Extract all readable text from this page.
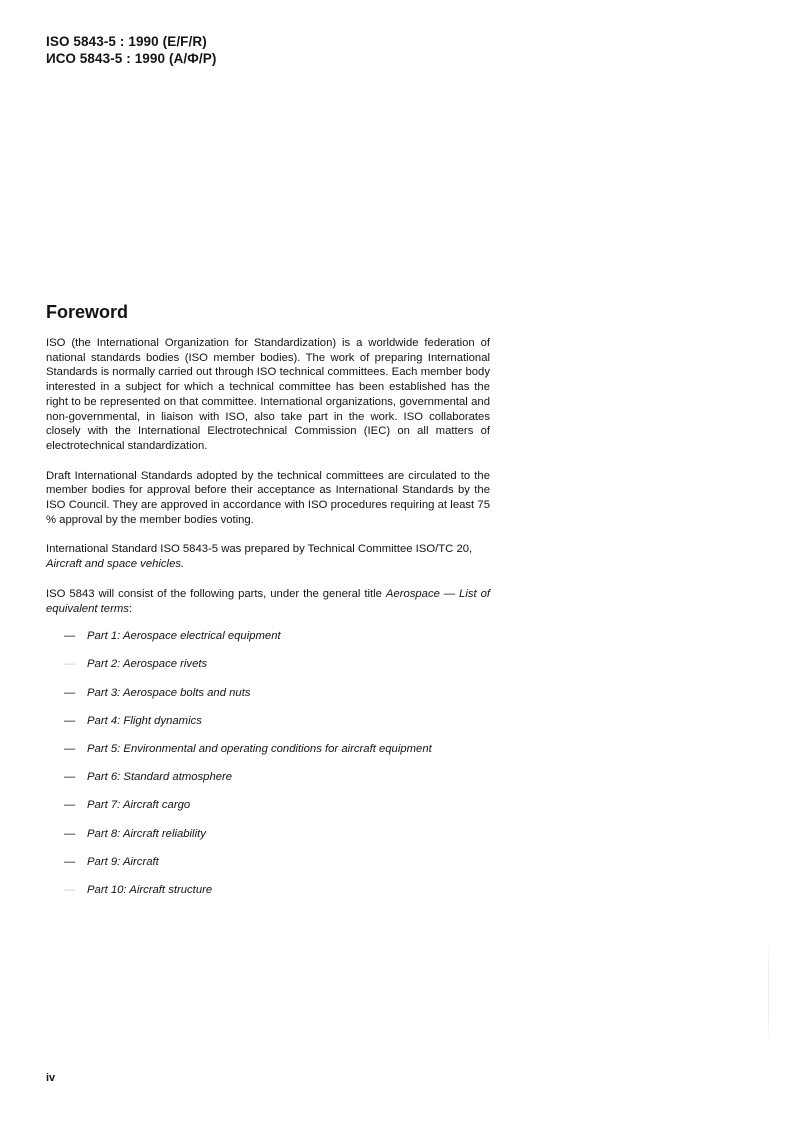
ISO 5843-5 : 1990 (E/F/R)
ИСО 5843-5 : 1990 (А/Ф/Р)
Foreword

ISO (the International Organization for Standardization) is a worldwide federation of national standards bodies (ISO member bodies). The work of preparing International Standards is normally carried out through ISO technical committees. Each member body interested in a subject for which a technical committee has been established has the right to be represented on that committee. International organizations, governmental and non-governmental, in liaison with ISO, also take part in the work. ISO collaborates closely with the International Electrotechnical Commission (IEC) on all matters of electrotechnical standardization.

Draft International Standards adopted by the technical committees are circulated to the member bodies for approval before their acceptance as International Standards by the ISO Council. They are approved in accordance with ISO procedures requiring at least 75 % approval by the member bodies voting.

International Standard ISO 5843-5 was prepared by Technical Committee ISO/TC 20,
Aircraft and space vehicles.

ISO 5843 will consist of the following parts, under the general title Aerospace — List of equivalent terms:

— Part 1: Aerospace electrical equipment
— Part 2: Aerospace rivets
— Part 3: Aerospace bolts and nuts
— Part 4: Flight dynamics
— Part 5: Environmental and operating conditions for aircraft equipment
— Part 6: Standard atmosphere
— Part 7: Aircraft cargo
— Part 8: Aircraft reliability
— Part 9: Aircraft
— Part 10: Aircraft structure
iv
